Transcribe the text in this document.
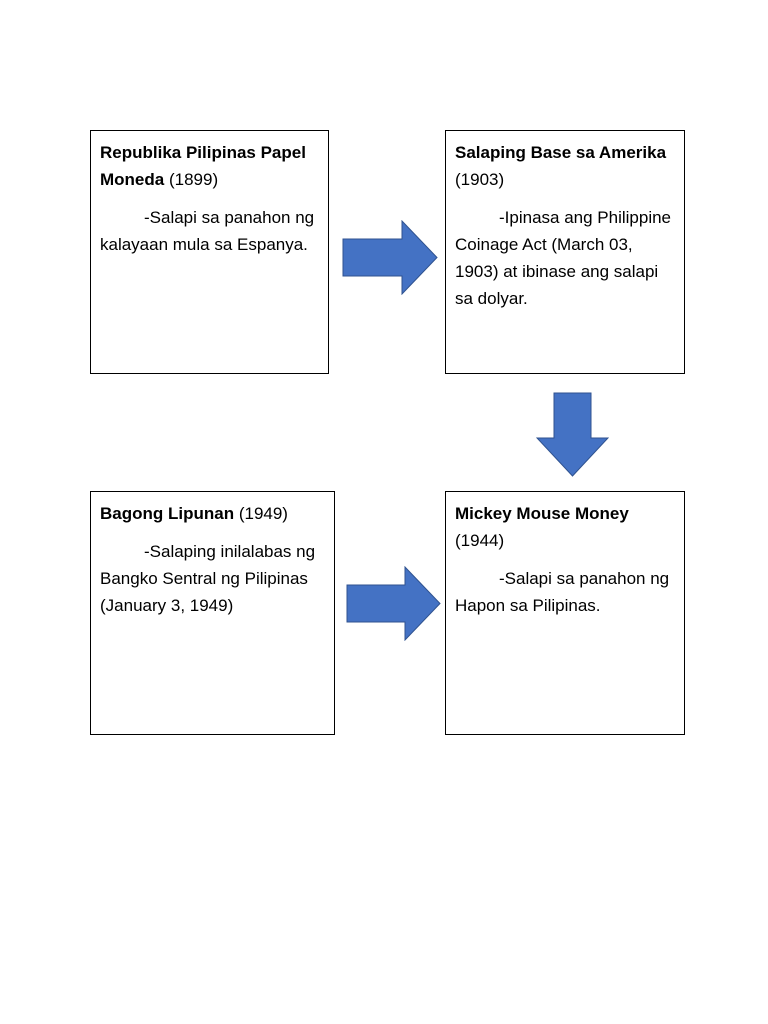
Republika Pilipinas Papel Moneda (1899)

-Salapi sa panahon ng kalayaan mula sa Espanya.

Salaping Base sa Amerika
(1903)

-Ipinasa ang Philippine Coinage Act (March 03, 1903) at ibinase ang salapi sa dolyar.

Bagong Lipunan (1949)

-Salaping inilalabas ng Bangko Sentral ng Pilipinas (January 3, 1949)

Mickey Mouse Money
(1944)

-Salapi sa panahon ng Hapon sa Pilipinas.
